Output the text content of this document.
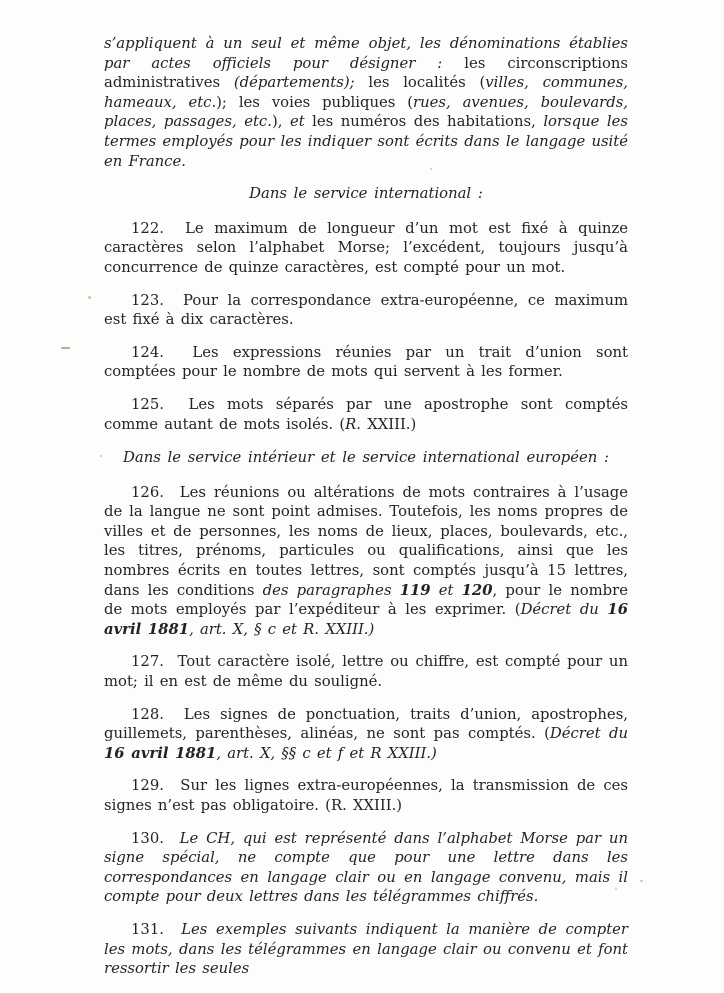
s’appliquent à un seul et même objet, les dénominations établies par actes officiels pour désigner : les circonscriptions administratives (départements); les localités (villes, communes, hameaux, etc.); les voies publiques (rues, avenues, boulevards, places, passages, etc.), et les numéros des habitations, lorsque les termes employés pour les indiquer sont écrits dans le langage usité en France.

Dans le service international :

122.  Le maximum de longueur d’un mot est fixé à quinze caractères selon l’alphabet Morse; l’excédent, toujours jusqu’à concurrence de quinze caractères, est compté pour un mot.

123.  Pour la correspondance extra-européenne, ce maximum est fixé à dix caractères.

124.  Les expressions réunies par un trait d’union sont comptées pour le nombre de mots qui servent à les former.

125.  Les mots séparés par une apostrophe sont comptés comme autant de mots isolés. (R. XXIII.)

Dans le service intérieur et le service international européen :

126.  Les réunions ou altérations de mots contraires à l’usage de la langue ne sont point admises. Toutefois, les noms propres de villes et de personnes, les noms de lieux, places, boulevards, etc., les titres, prénoms, particules ou qualifications, ainsi que les nombres écrits en toutes lettres, sont comptés jusqu’à 15 lettres, dans les conditions des paragraphes 119 et 120, pour le nombre de mots employés par l’expéditeur à les exprimer. (Décret du 16 avril 1881, art. X, § c et R. XXIII.)

127.  Tout caractère isolé, lettre ou chiffre, est compté pour un mot; il en est de même du souligné.

128.  Les signes de ponctuation, traits d’union, apostrophes, guillemets, parenthèses, alinéas, ne sont pas comptés. (Décret du 16 avril 1881, art. X, §§ c et f et R XXIII.)

129.  Sur les lignes extra-européennes, la transmission de ces signes n’est pas obligatoire. (R. XXIII.)

130.  Le CH, qui est représenté dans l’alphabet Morse par un signe spécial, ne compte que pour une lettre dans les correspondances en langage clair ou en langage convenu, mais il compte pour deux lettres dans les télégrammes chiffrés.

131.  Les exemples suivants indiquent la manière de compter les mots, dans les télégrammes en langage clair ou convenu et font ressortir les seules
